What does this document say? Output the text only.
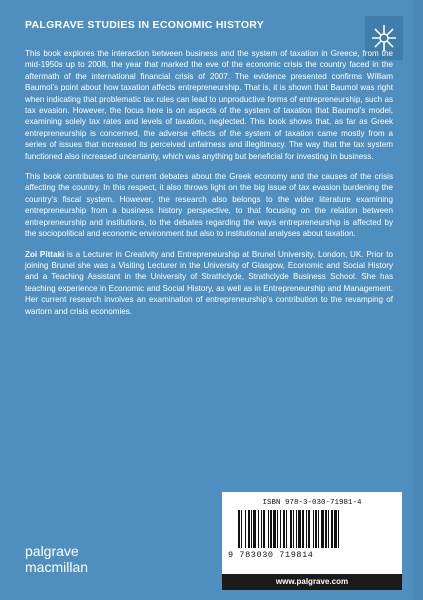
PALGRAVE STUDIES IN ECONOMIC HISTORY

This book explores the interaction between business and the system of taxation in Greece, from the mid-1950s up to 2008, the year that marked the eve of the economic crisis the country faced in the aftermath of the international financial crisis of 2007. The evidence presented confirms William Baumol’s point about how taxation affects entrepreneurship. That is, it is shown that Baumol was right when indicating that problematic tax rules can lead to unproductive forms of entrepreneurship, such as tax evasion. However, the focus here is on aspects of the system of taxation that Baumol’s model, examining solely tax rates and levels of taxation, neglected. This book shows that, as far as Greek entrepreneurship is concerned, the adverse effects of the system of taxation came mostly from a series of issues that increased its perceived unfairness and illegitimacy. The way that the tax system functioned also increased uncertainty, which was anything but beneficial for investing in business.

This book contributes to the current debates about the Greek economy and the causes of the crisis affecting the country. In this respect, it also throws light on the big issue of tax evasion burdening the country’s fiscal system. However, the research also belongs to the wider literature examining entrepreneurship from a business history perspective, to that focusing on the relation between entrepreneurship and institutions, to the debates regarding the ways entrepreneurship is affected by the sociopolitical and economic environment but also to institutional analyses about taxation.

Zoi Pittaki is a Lecturer in Creativity and Entrepreneurship at Brunel University, London, UK. Prior to joining Brunel she was a Visiting Lecturer in the University of Glasgow, Economic and Social History and a Teaching Assistant in the University of Strathclyde, Strathclyde Business School. She has teaching experience in Economic and Social History, as well as in Entrepreneurship and Management. Her current research involves an examination of entrepreneurship’s contribution to the revamping of wartorn and crisis economies.

palgrave
macmillan
ISBN 978-3-030-71981-4
9 783030 719814
www.palgrave.com
